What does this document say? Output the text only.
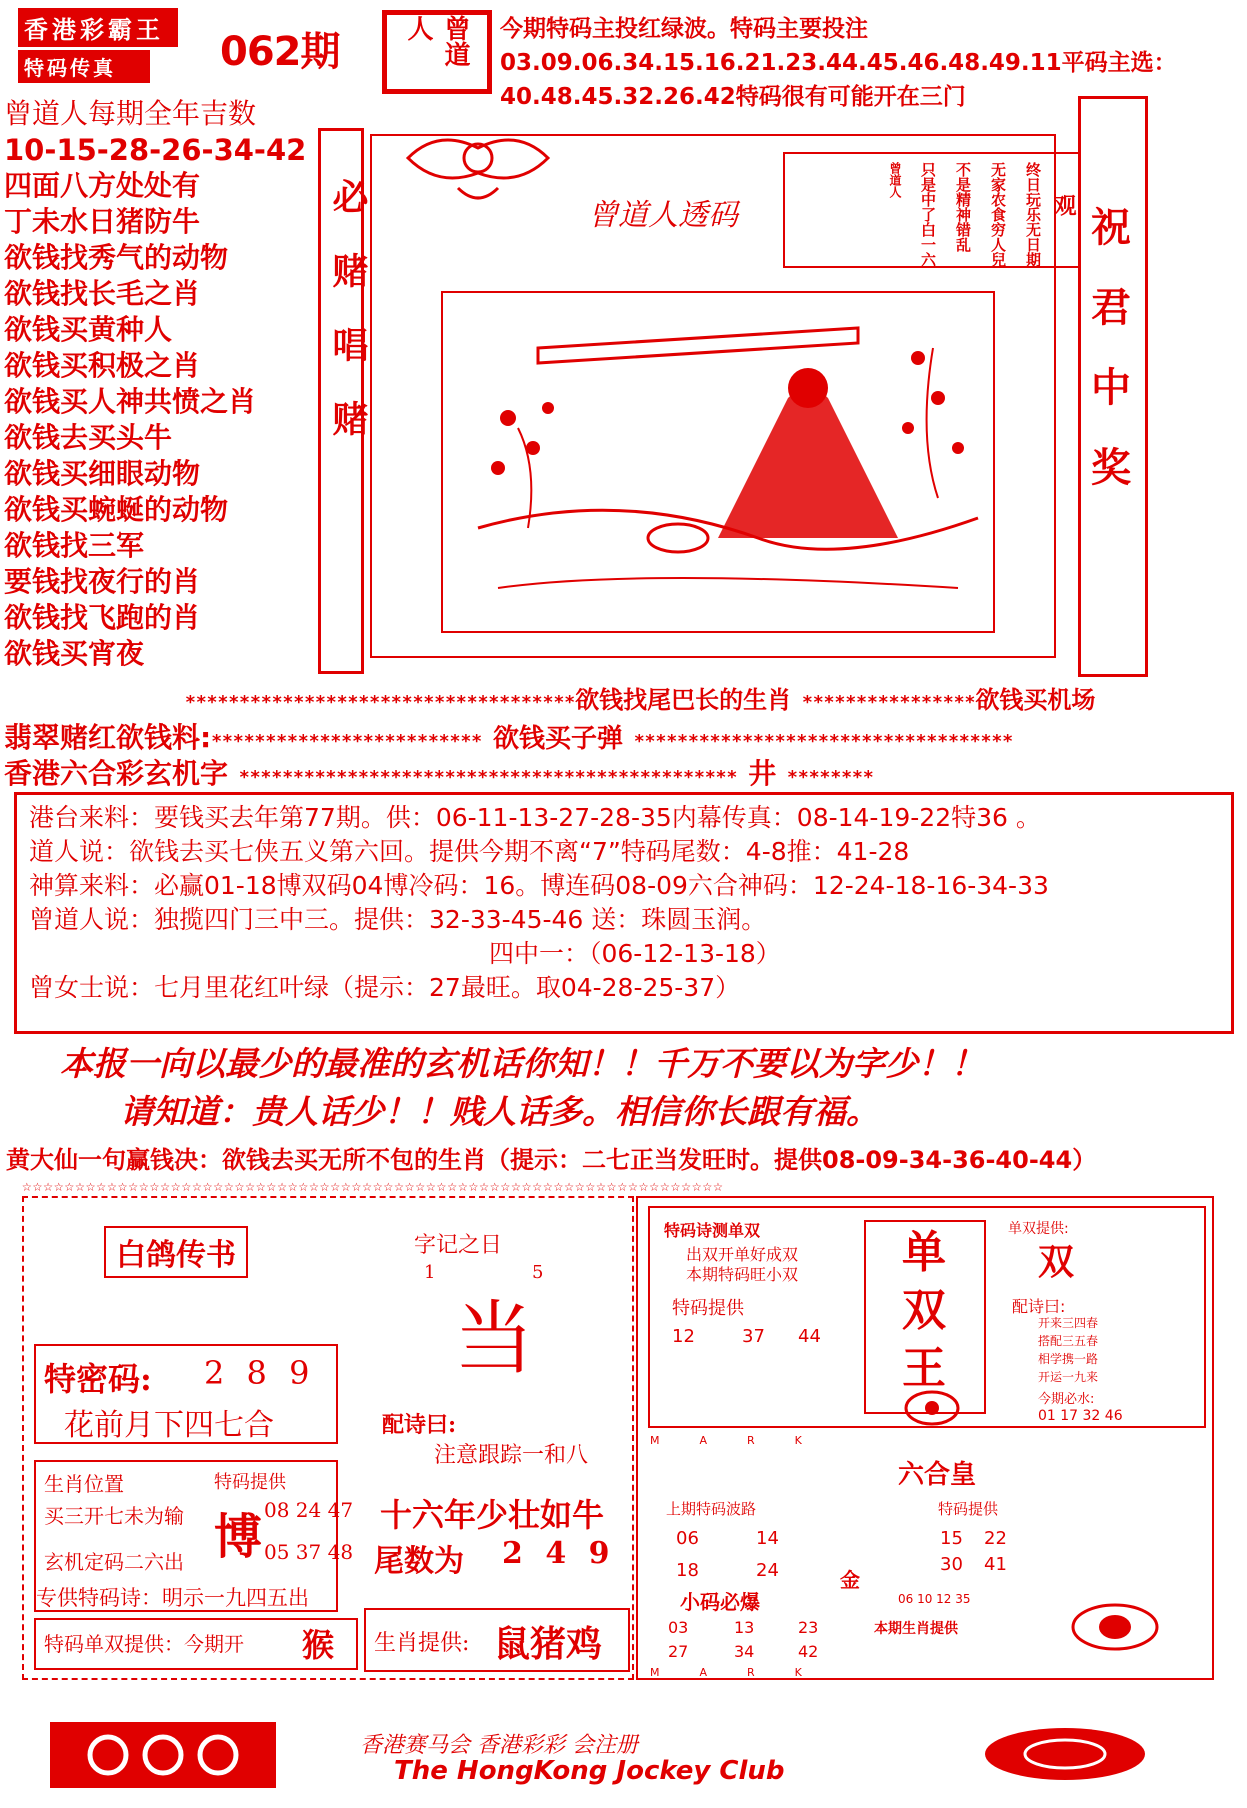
香港彩霸王
特码传真	062期	曾道人	今期特码主投红绿波。特码主要投注03.09.06.34.15.16.21.23.44.45.46.48.49.11平码主选：40.48.45.32.26.42特码很有可能开在三门
曾道人每期全年吉数
10-15-28-26-34-42
四面八方处处有
丁未水日猪防牛
欲钱找秀气的动物
欲钱找长毛之肖
欲钱买黄种人
欲钱买积极之肖
欲钱买人神共愤之肖
欲钱去买头牛
欲钱买细眼动物
欲钱买蜿蜒的动物
欲钱找三军
要钱找夜行的肖
欲钱找飞跑的肖
欲钱买宵夜
必赌唱赌	曾道人透码	观
终日玩乐无日期
无家农食穷人兒
不是精神错乱
只是中了白一六
曾道人
祝
君
中
奖
************************************欲钱找尾巴长的生肖 ****************欲钱买机场
翡翠赌红欲钱料:************************* 欲钱买子弹 ***********************************
香港六合彩玄机字 ********************************************** 井 ********
港台来料：要钱买去年第77期。供：06-11-13-27-28-35内幕传真：08-14-19-22特36 。
道人说：欲钱去买七侠五义第六回。提供今期不离“7”特码尾数：4-8推：41-28
神算来料：必赢01-18博双码04博冷码：16。博连码08-09六合神码：12-24-18-16-34-33
曾道人说：独揽四门三中三。提供：32-33-45-46 送：珠圆玉润。
四中一：（06-12-13-18）
曾女士说：七月里花红叶绿（提示：27最旺。取04-28-25-37）
本报一向以最少的最准的玄机话你知！！千万不要以为字少！！
请知道：贵人话少！！贱人话多。相信你长跟有福。
黄大仙一句赢钱决：欲钱去买无所不包的生肖（提示：二七正当发旺时。提供08-09-34-36-40-44）
☆☆☆☆☆☆☆☆☆☆☆☆☆☆☆☆☆☆☆☆☆☆☆☆☆☆☆☆☆☆☆☆☆☆☆☆☆☆☆☆☆☆☆☆☆☆☆☆☆☆☆☆☆☆☆☆☆☆☆☆☆☆☆☆☆☆
白鸽传书	字记之日
1	5
当
特密码: 2 8 9
花前月下四七合	配诗曰:
注意跟踪一和八
生肖位置
买三开七未为输
玄机定码二六出
特码提供
博 08 24 47
05 37 48
十六年少壮如牛
尾数为 2 4 9
专供特码诗：明示一九四五出
特码单双提供：今期开 猴 生肖提供: 鼠猪鸡
特码诗测单双
出双开单好成双
本期特码旺小双
特码提供
12	37 44
单
双
王
单双提供:
双
配诗曰:
开来三四春
搭配三五春
相学携一路
开运一九来
今期必水:
01 17 32 46
MARK
六合皇
上期特码波路
06	14
18	24
特码提供
15 22
30 41
金
06 10 12 35
小码必爆
03	13	23
27	34	42
本期生肖提供
MARK
香港赛马会 香港彩彩 会注册
The HongKong Jockey Club
